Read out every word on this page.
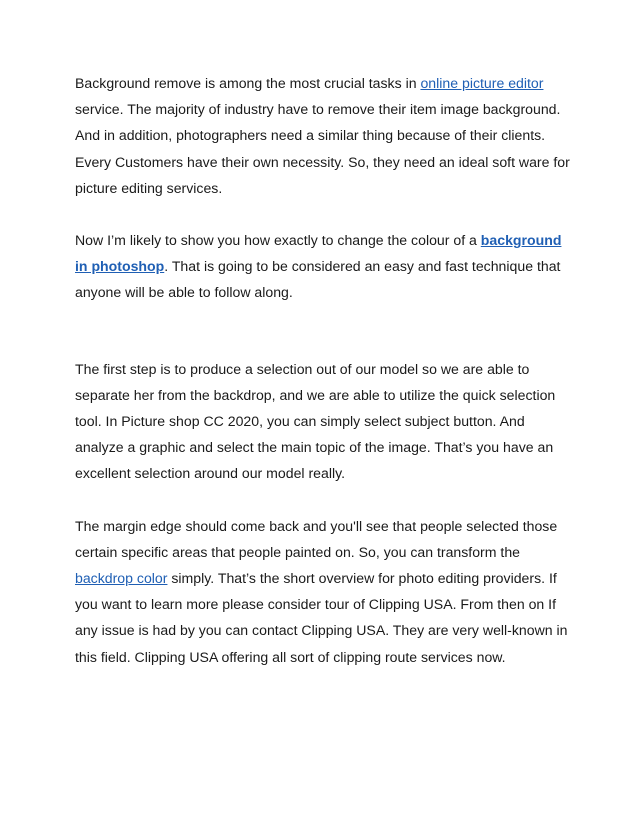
Background remove is among the most crucial tasks in online picture editor service. The majority of industry have to remove their item image background. And in addition, photographers need a similar thing because of their clients. Every Customers have their own necessity. So, they need an ideal soft ware for picture editing services.

Now I’m likely to show you how exactly to change the colour of a background in photoshop. That is going to be considered an easy and fast technique that anyone will be able to follow along.

The first step is to produce a selection out of our model so we are able to separate her from the backdrop, and we are able to utilize the quick selection tool. In Picture shop CC 2020, you can simply select subject button. And analyze a graphic and select the main topic of the image. That’s you have an excellent selection around our model really.

The margin edge should come back and you'll see that people selected those certain specific areas that people painted on. So, you can transform the backdrop color simply. That’s the short overview for photo editing providers. If you want to learn more please consider tour of Clipping USA. From then on If any issue is had by you can contact Clipping USA. They are very well-known in this field. Clipping USA offering all sort of clipping route services now.
